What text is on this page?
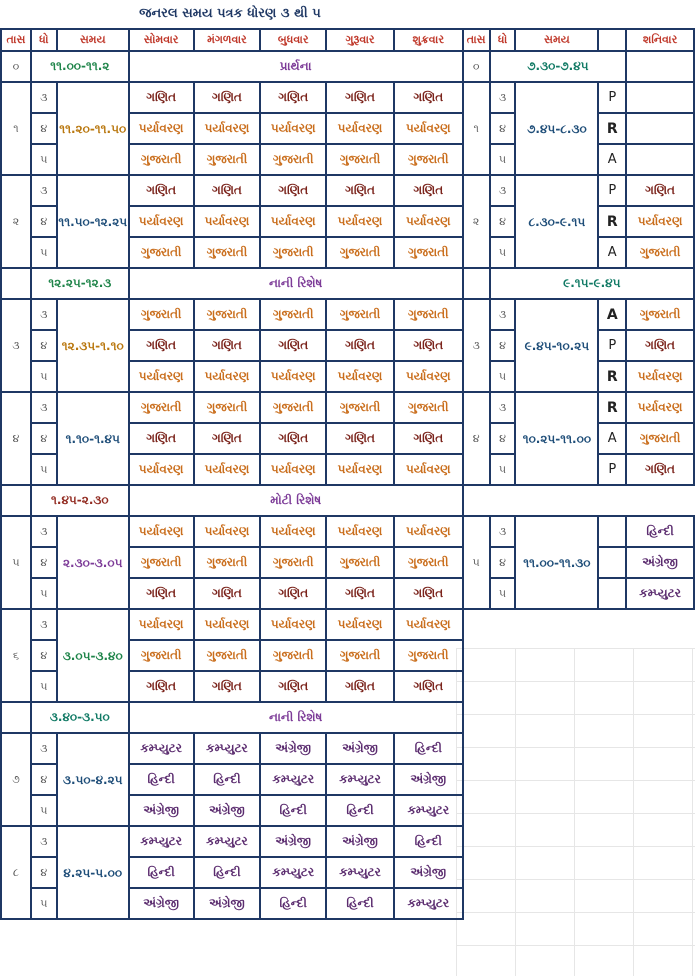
જનરલ સમય પત્રક ધોરણ ૩ થી ૫
તાસ	ધો	સમય	સોમવાર	મંગળવાર	બુધવાર	ગુરૂવાર	શુક્રવાર	તાસ	ધો	સમય		શનિવાર
૦	૧૧.૦૦-૧૧.૨		પ્રાર્થના					૦	૭.૩૦-૭.૪૫			
૧	૩	૧૧.૨૦-૧૧.૫૦	ગણિત	ગણિત	ગણિત	ગણિત	ગણિત	૧	૩	૭.૪૫-૮.૩૦	P	
	૪		પર્યાવરણ	પર્યાવરણ	પર્યાવરણ	પર્યાવરણ	પર્યાવરણ		૪		R	
	૫		ગુજરાતી	ગુજરાતી	ગુજરાતી	ગુજરાતી	ગુજરાતી		૫		A	
૨	૩	૧૧.૫૦-૧૨.૨૫	ગણિત	ગણિત	ગણિત	ગણિત	ગણિત	૨	૩	૮.૩૦-૯.૧૫	P	ગણિત
	૪		પર્યાવરણ	પર્યાવરણ	પર્યાવરણ	પર્યાવરણ	પર્યાવરણ		૪		R	પર્યાવરણ
	૫		ગુજરાતી	ગુજરાતી	ગુજરાતી	ગુજરાતી	ગુજરાતી		૫		A	ગુજરાતી
	૧૨.૨૫-૧૨.૩		નાની રિશેષ						૯.૧૫-૯.૪૫			
૩	૩	૧૨.૩૫-૧.૧૦	ગુજરાતી	ગુજરાતી	ગુજરાતી	ગુજરાતી	ગુજરાતી	૩	૩	૯.૪૫-૧૦.૨૫	A	ગુજરાતી
	૪		ગણિત	ગણિત	ગણિત	ગણિત	ગણિત		૪		P	ગણિત
	૫		પર્યાવરણ	પર્યાવરણ	પર્યાવરણ	પર્યાવરણ	પર્યાવરણ		૫		R	પર્યાવરણ
૪	૩	૧.૧૦-૧.૪૫	ગુજરાતી	ગુજરાતી	ગુજરાતી	ગુજરાતી	ગુજરાતી	૪	૩	૧૦.૨૫-૧૧.૦૦	R	પર્યાવરણ
	૪		ગણિત	ગણિત	ગણિત	ગણિત	ગણિત		૪		A	ગુજરાતી
	૫		પર્યાવરણ	પર્યાવરણ	પર્યાવરણ	પર્યાવરણ	પર્યાવરણ		૫		P	ગણિત
	૧.૪૫-૨.૩૦		મોટી રિશેષ									
૫	૩	૨.૩૦-૩.૦૫	પર્યાવરણ	પર્યાવરણ	પર્યાવરણ	પર્યાવરણ	પર્યાવરણ	૫	૩	૧૧.૦૦-૧૧.૩૦		હિન્દી
	૪		ગુજરાતી	ગુજરાતી	ગુજરાતી	ગુજરાતી	ગુજરાતી		૪			અંગ્રેજી
	૫		ગણિત	ગણિત	ગણિત	ગણિત	ગણિત		૫			કમ્પ્યુટર
૬	૩	૩.૦૫-૩.૪૦	પર્યાવરણ	પર્યાવરણ	પર્યાવરણ	પર્યાવરણ	પર્યાવરણ					
	૪		ગુજરાતી	ગુજરાતી	ગુજરાતી	ગુજરાતી	ગુજરાતી					
	૫		ગણિત	ગણિત	ગણિત	ગણિત	ગણિત					
	૩.૪૦-૩.૫૦		નાની રિશેષ									
૭	૩	૩.૫૦-૪.૨૫	કમ્પ્યુટર	કમ્પ્યુટર	અંગ્રેજી	અંગ્રેજી	હિન્દી					
	૪		હિન્દી	હિન્દી	કમ્પ્યુટર	કમ્પ્યુટર	અંગ્રેજી					
	૫		અંગ્રેજી	અંગ્રેજી	હિન્દી	હિન્દી	કમ્પ્યુટર					
૮	૩	૪.૨૫-૫.૦૦	કમ્પ્યુટર	કમ્પ્યુટર	અંગ્રેજી	અંગ્રેજી	હિન્દી					
	૪		હિન્દી	હિન્દી	કમ્પ્યુટર	કમ્પ્યુટર	અંગ્રેજી					
	૫		અંગ્રેજી	અંગ્રેજી	હિન્દી	હિન્દી	કમ્પ્યુટર					
